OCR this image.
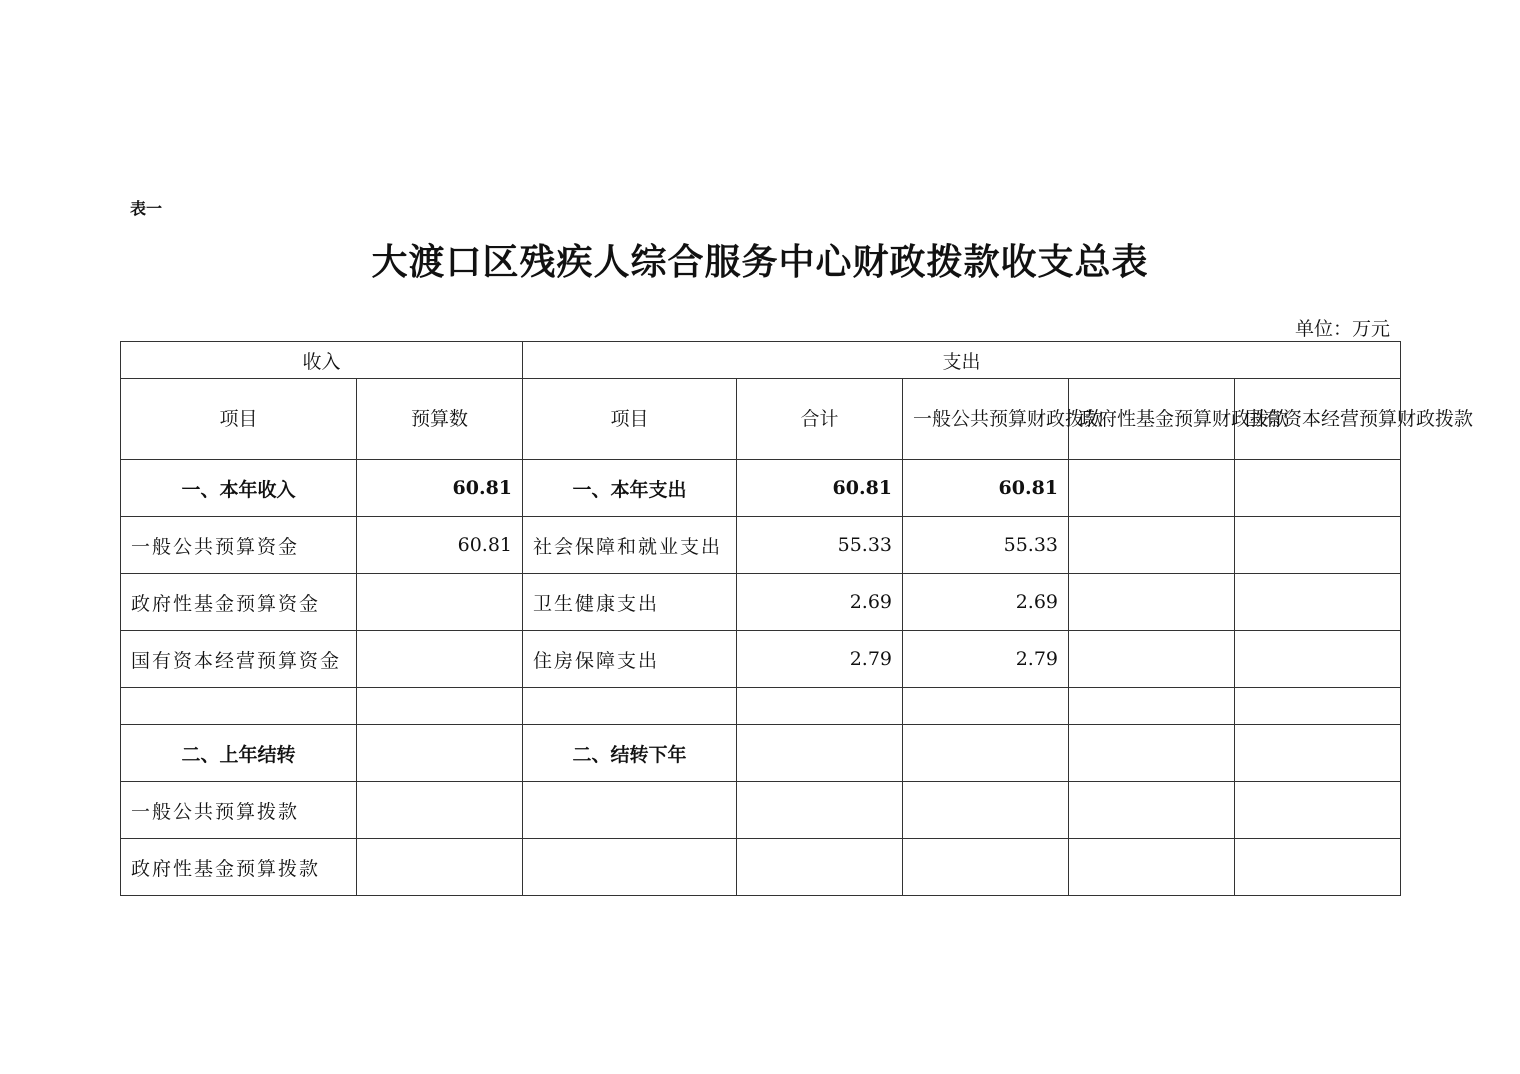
表一
大渡口区残疾人综合服务中心财政拨款收支总表
单位：万元
收入		支出				
项目	预算数	项目	合计	一般公共预算财政拨款	政府性基金预算财政拨款	国有资本经营预算财政拨款
一、本年收入	60.81	一、本年支出	60.81	60.81		
一般公共预算资金	60.81	社会保障和就业支出	55.33	55.33		
政府性基金预算资金		卫生健康支出	2.69	2.69		
国有资本经营预算资金		住房保障支出	2.79	2.79		

二、上年结转		二、结转下年				
一般公共预算拨款						
政府性基金预算拨款						
